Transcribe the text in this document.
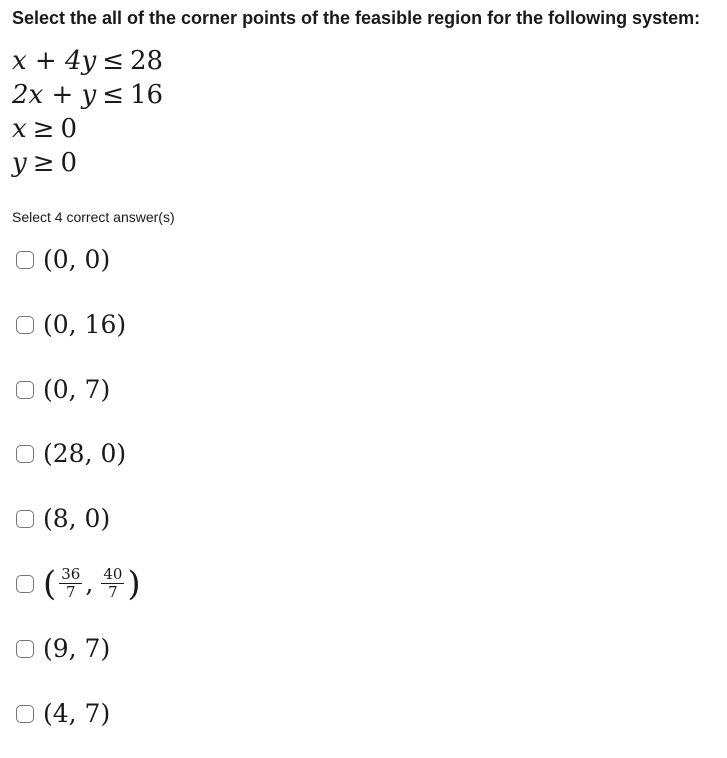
Select the all of the corner points of the feasible region for the following system:
x + 4y ≤ 28
2x + y ≤ 16
x ≥ 0
y ≥ 0
Select 4 correct answer(s)
(0, 0)
(0, 16)
(0, 7)
(28, 0)
(8, 0)
( $\frac{36}{7}$ , $\frac{40}{7}$ )
(9, 7)
(4, 7)
